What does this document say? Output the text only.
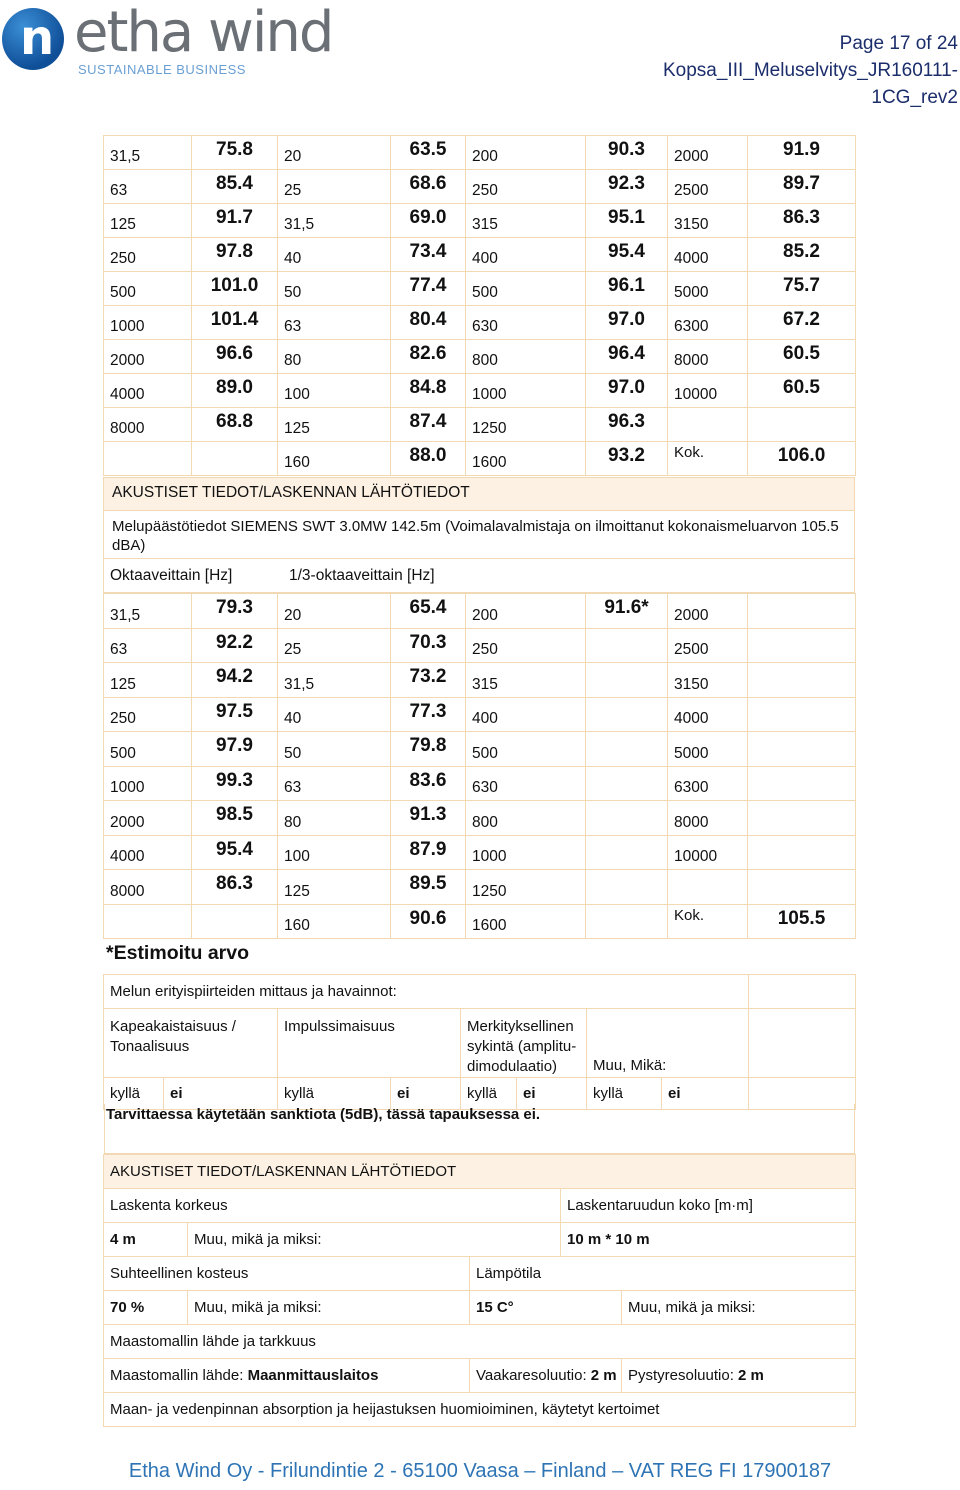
n etha wind
SUSTAINABLE BUSINESS
Page 17 of 24
Kopsa_III_Meluselvitys_JR160111-
1CG_rev2
31,5	75.8	20	63.5	200	90.3	2000	91.9
63	85.4	25	68.6	250	92.3	2500	89.7
125	91.7	31,5	69.0	315	95.1	3150	86.3
250	97.8	40	73.4	400	95.4	4000	85.2
500	101.0	50	77.4	500	96.1	5000	75.7
1000	101.4	63	80.4	630	97.0	6300	67.2
2000	96.6	80	82.6	800	96.4	8000	60.5
4000	89.0	100	84.8	1000	97.0	10000	60.5
8000	68.8	125	87.4	1250	96.3		
		160	88.0	1600	93.2	Kok.	106.0
AKUSTISET TIEDOT/LASKENNAN LÄHTÖTIEDOT
Melupäästötiedot SIEMENS SWT 3.0MW 142.5m (Voimalavalmistaja on ilmoittanut kokonaismeluarvon 105.5 dBA)
Oktaaveittain [Hz]	1/3-oktaaveittain [Hz]
31,5	79.3	20	65.4	200	91.6*	2000	
63	92.2	25	70.3	250		2500	
125	94.2	31,5	73.2	315		3150	
250	97.5	40	77.3	400		4000	
500	97.9	50	79.8	500		5000	
1000	99.3	63	83.6	630		6300	
2000	98.5	80	91.3	800		8000	
4000	95.4	100	87.9	1000		10000	
8000	86.3	125	89.5	1250			
		160	90.6	1600		Kok.	105.5
*Estimoitu arvo
Melun erityispiirteiden mittaus ja havainnot:								
Kapeakaistaisuus / Tonaalisuus		Impulssimaisuus		Merkityksellinen sykintä (amplitu-dimodulaatio)		Muu, Mikä:		
kyllä	ei	kyllä	ei	kyllä	ei	kyllä	ei	
Tarvittaessa käytetään sanktiota (5dB), tässä tapauksessa ei.
AKUSTISET TIEDOT/LASKENNAN LÄHTÖTIEDOT				
Laskenta korkeus			Laskentaruudun koko [m·m]	
4 m	Muu, mikä ja miksi:		10 m * 10 m	
Suhteellinen kosteus		Lämpötila		
70 %	Muu, mikä ja miksi:	15 C°		Muu, mikä ja miksi:
Maastomallin lähde ja tarkkuus				
Maastomallin lähde: Maanmittauslaitos		Vaakaresoluutio: 2 m		Pystyresoluutio: 2 m
Maan- ja vedenpinnan absorption ja heijastuksen huomioiminen, käytetyt kertoimet				
Etha Wind Oy - Frilundintie 2 - 65100 Vaasa – Finland – VAT REG FI 17900187
